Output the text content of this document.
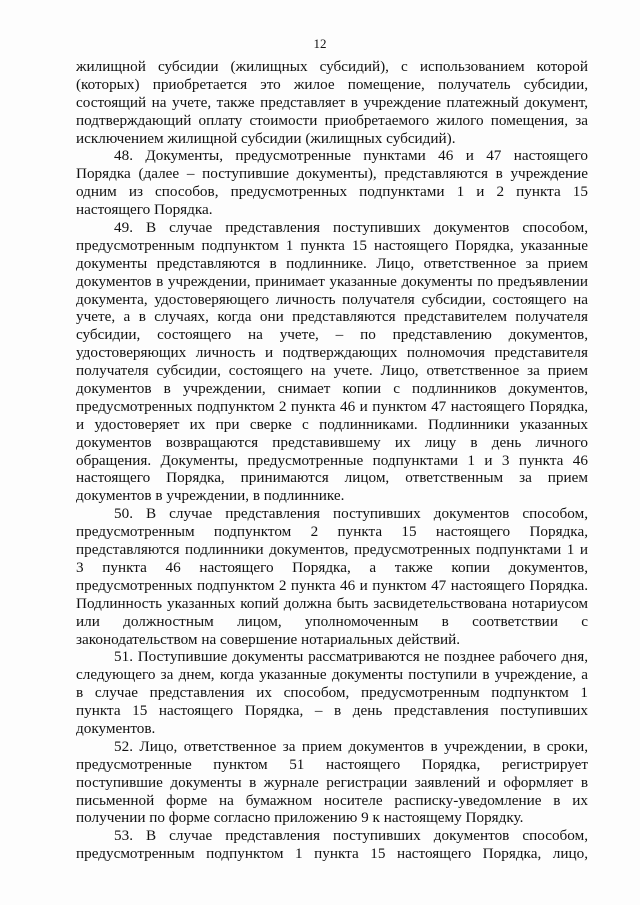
12
жилищной субсидии (жилищных субсидий), с использованием которой
(которых) приобретается это жилое помещение, получатель субсидии,
состоящий на учете, также представляет в учреждение платежный документ,
подтверждающий оплату стоимости приобретаемого жилого помещения, за
исключением жилищной субсидии (жилищных субсидий).
48. Документы, предусмотренные пунктами 46 и 47 настоящего
Порядка (далее – поступившие документы), представляются в учреждение
одним из способов, предусмотренных подпунктами 1 и 2 пункта 15
настоящего Порядка.
49. В случае представления поступивших документов способом,
предусмотренным подпунктом 1 пункта 15 настоящего Порядка, указанные
документы представляются в подлиннике. Лицо, ответственное за прием
документов в учреждении, принимает указанные документы по предъявлении
документа, удостоверяющего личность получателя субсидии, состоящего на
учете, а в случаях, когда они представляются представителем получателя
субсидии, состоящего на учете, – по представлению документов,
удостоверяющих личность и подтверждающих полномочия представителя
получателя субсидии, состоящего на учете. Лицо, ответственное за прием
документов в учреждении, снимает копии с подлинников документов,
предусмотренных подпунктом 2 пункта 46 и пунктом 47 настоящего Порядка,
и удостоверяет их при сверке с подлинниками. Подлинники указанных
документов возвращаются представившему их лицу в день личного
обращения. Документы, предусмотренные подпунктами 1 и 3 пункта 46
настоящего Порядка, принимаются лицом, ответственным за прием
документов в учреждении, в подлиннике.
50. В случае представления поступивших документов способом,
предусмотренным подпунктом 2 пункта 15 настоящего Порядка,
представляются подлинники документов, предусмотренных подпунктами 1 и
3 пункта 46 настоящего Порядка, а также копии документов,
предусмотренных подпунктом 2 пункта 46 и пунктом 47 настоящего Порядка.
Подлинность указанных копий должна быть засвидетельствована нотариусом
или должностным лицом, уполномоченным в соответствии с
законодательством на совершение нотариальных действий.
51. Поступившие документы рассматриваются не позднее рабочего дня,
следующего за днем, когда указанные документы поступили в учреждение, а
в случае представления их способом, предусмотренным подпунктом 1
пункта 15 настоящего Порядка, – в день представления поступивших
документов.
52. Лицо, ответственное за прием документов в учреждении, в сроки,
предусмотренные пунктом 51 настоящего Порядка, регистрирует
поступившие документы в журнале регистрации заявлений и оформляет в
письменной форме на бумажном носителе расписку-уведомление в их
получении по форме согласно приложению 9 к настоящему Порядку.
53. В случае представления поступивших документов способом,
предусмотренным подпунктом 1 пункта 15 настоящего Порядка, лицо,
